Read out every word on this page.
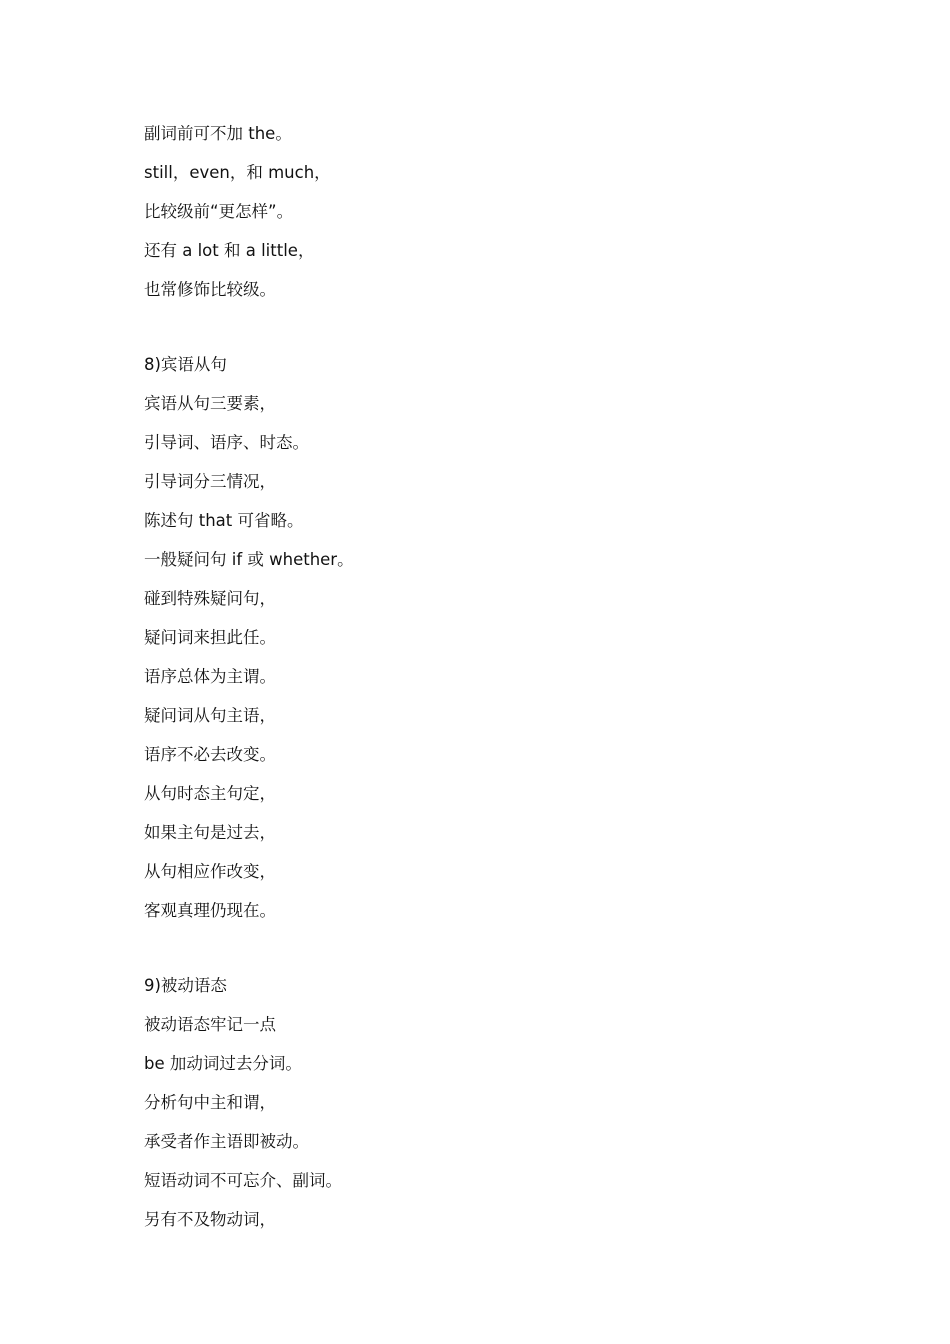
副词前可不加 the。
still，even，和 much，
比较级前“更怎样”。
还有 a lot 和 a little，
也常修饰比较级。
8)宾语从句
宾语从句三要素，
引导词、语序、时态。
引导词分三情况，
陈述句 that 可省略。
一般疑问句 if 或 whether。
碰到特殊疑问句，
疑问词来担此任。
语序总体为主谓。
疑问词从句主语，
语序不必去改变。
从句时态主句定，
如果主句是过去，
从句相应作改变，
客观真理仍现在。
9)被动语态
被动语态牢记一点
be 加动词过去分词。
分析句中主和谓，
承受者作主语即被动。
短语动词不可忘介、副词。
另有不及物动词，
